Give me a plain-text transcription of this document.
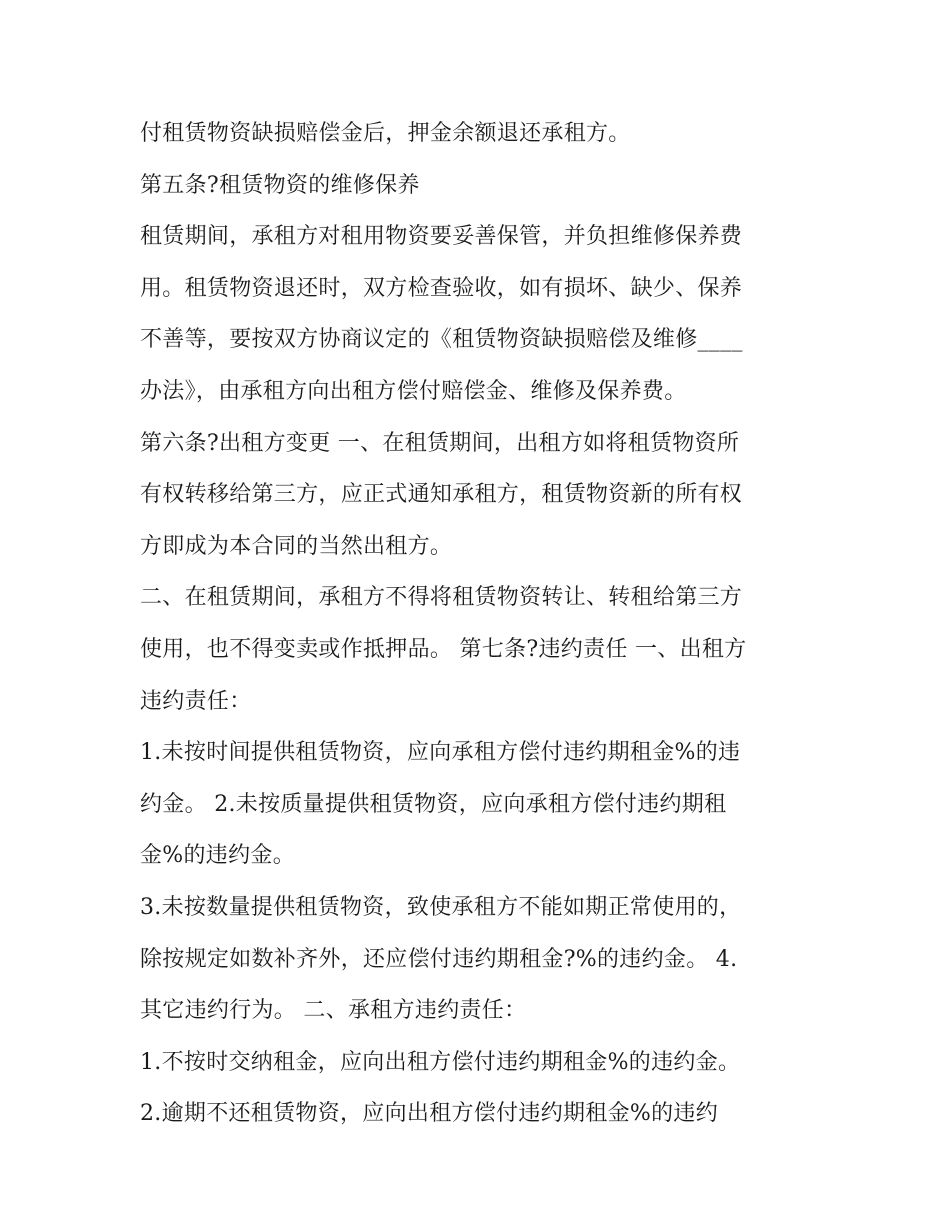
付租赁物资缺损赔偿金后，押金余额退还承租方。
第五条?租赁物资的维修保养
租赁期间，承租方对租用物资要妥善保管，并负担维修保养费
用。租赁物资退还时，双方检查验收，如有损坏、缺少、保养
不善等，要按双方协商议定的《租赁物资缺损赔偿及维修____
办法》，由承租方向出租方偿付赔偿金、维修及保养费。
第六条?出租方变更 一、在租赁期间，出租方如将租赁物资所
有权转移给第三方，应正式通知承租方，租赁物资新的所有权
方即成为本合同的当然出租方。
二、在租赁期间，承租方不得将租赁物资转让、转租给第三方
使用，也不得变卖或作抵押品。 第七条?违约责任 一、出租方
违约责任：
1.未按时间提供租赁物资，应向承租方偿付违约期租金%的违
约金。 2.未按质量提供租赁物资，应向承租方偿付违约期租
金%的违约金。
3.未按数量提供租赁物资，致使承租方不能如期正常使用的，
除按规定如数补齐外，还应偿付违约期租金?%的违约金。 4.
其它违约行为。 二、承租方违约责任：
1.不按时交纳租金，应向出租方偿付违约期租金%的违约金。
2.逾期不还租赁物资，应向出租方偿付违约期租金%的违约
